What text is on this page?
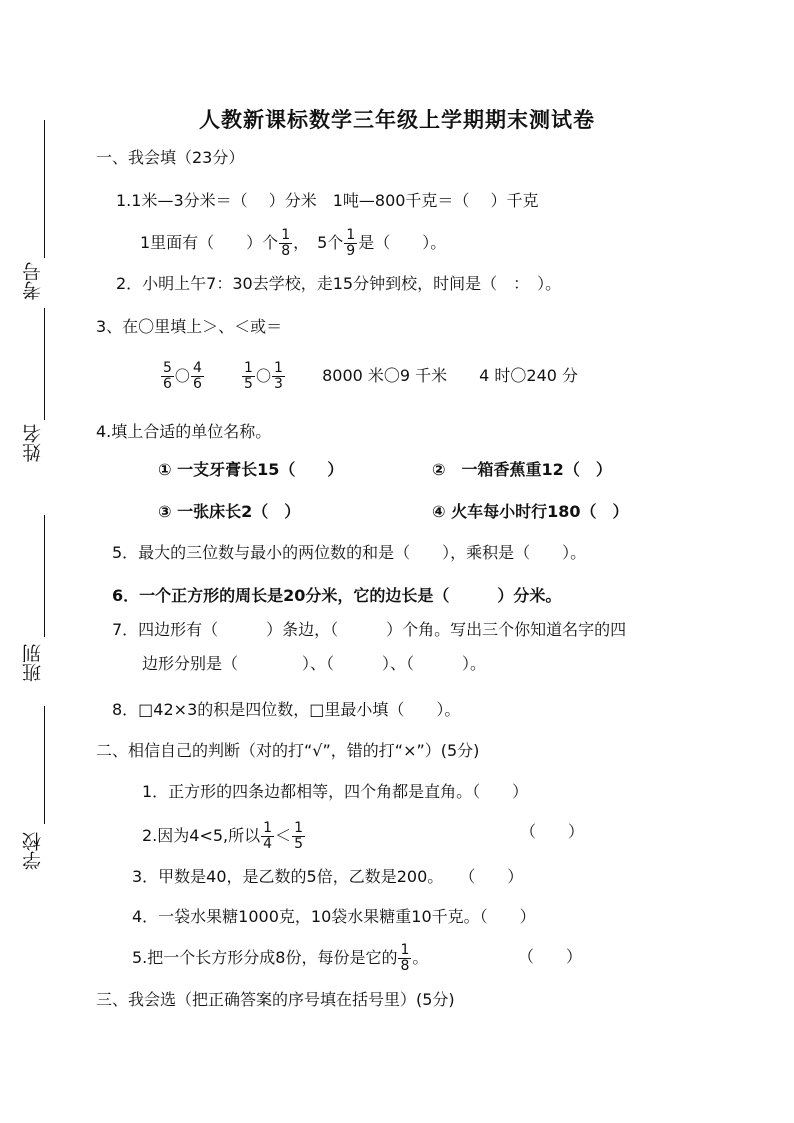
考号
姓名
班别
学校
人教新课标数学三年级上学期期末测试卷
一、我会填（23分）
1.1米—3分米＝（　 ）分米　1吨—800千克＝（　 ）千克
1里面有（　　）个 $\frac{1}{8}$ ，　5个 $\frac{1}{9}$ 是（　　）。
2．小明上午7：30去学校，走15分钟到校，时间是（　：　）。
3、在〇里填上＞、＜或＝
$\frac{5}{6}$ 〇 $\frac{4}{6}$
	$\frac{1}{5}$ 〇 $\frac{1}{3} 8000$ 米〇9 千米　　4 时〇240 分
4.填上合适的单位名称。
① 一支牙膏长15（　　）	②　一箱香蕉重12（　）
③ 一张床长2（　）	④ 火车每小时行180（　）
5．最大的三位数与最小的两位数的和是（　　），乘积是（　　）。
6．一个正方形的周长是20分米，它的边长是（　　　）分米。
7．四边形有（　　　）条边，（　　　）个角。写出三个你知道名字的四
边形分别是（　　　　）、（　　　）、（　　　）。
8．□42×3的积是四位数，□里最小填（　　）。
二、相信自己的判断（对的打“√”，错的打“×”）(5分)
1．正方形的四条边都相等，四个角都是直角。（　　）
2.因为4<5,所以 $\frac{1}{4} < \frac{1}{5}$	（　　）
3．甲数是40，是乙数的5倍，乙数是200。　　（　　）
4．一袋水果糖1000克，10袋水果糖重10千克。（　　）
5.把一个长方形分成8份，每份是它的 $\frac{1}{8}$ 。	（　　）
三、我会选（把正确答案的序号填在括号里）(5分)
